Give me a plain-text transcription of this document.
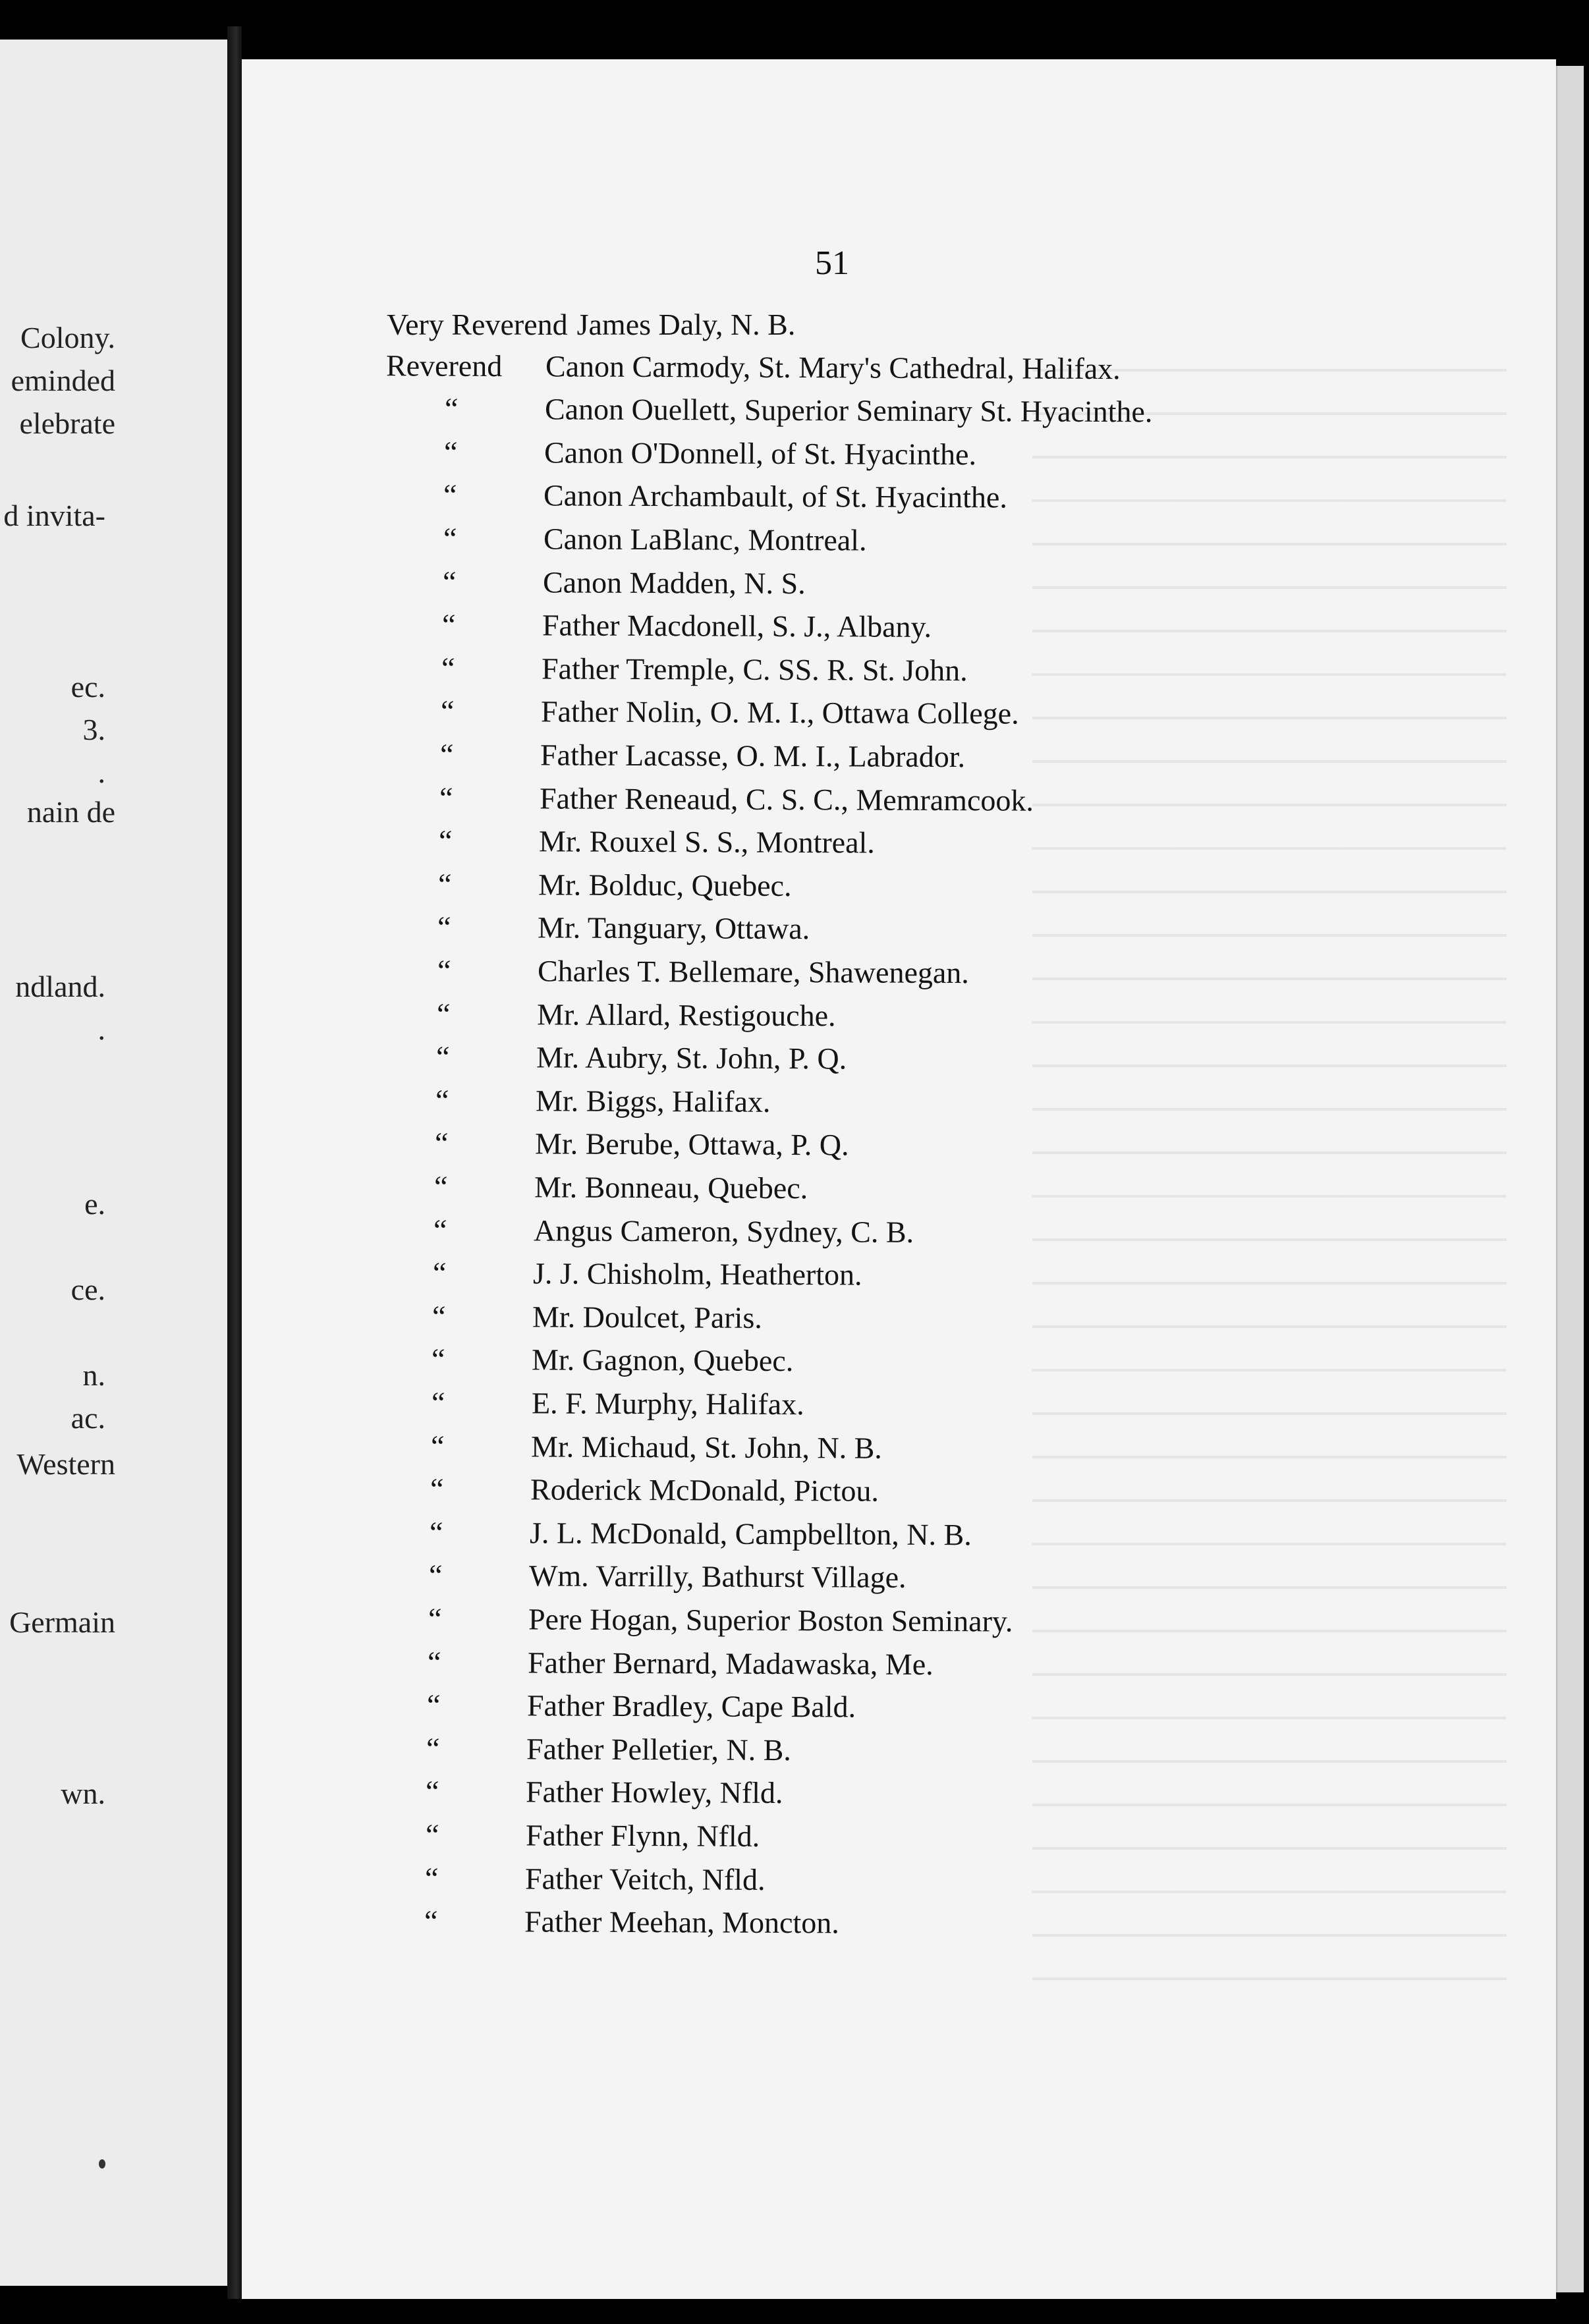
Colony.
eminded
elebrate
d invita-
ec.
3.
.
nain de
ndland.
.
e.
ce.
n.
ac.
Western
Germain
wn.
51
Very Reverend James Daly, N. B.
Reverend Canon Carmody, St. Mary's Cathedral, Halifax.
“	Canon Ouellett, Superior Seminary St. Hyacinthe.
“	Canon O'Donnell, of St. Hyacinthe.
“	Canon Archambault, of St. Hyacinthe.
“	Canon LaBlanc, Montreal.
“	Canon Madden, N. S.
“	Father Macdonell, S. J., Albany.
“	Father Tremple, C. SS. R. St. John.
“	Father Nolin, O. M. I., Ottawa College.
“	Father Lacasse, O. M. I., Labrador.
“	Father Reneaud, C. S. C., Memramcook.
“	Mr. Rouxel S. S., Montreal.
“	Mr. Bolduc, Quebec.
“	Mr. Tanguary, Ottawa.
“	Charles T. Bellemare, Shawenegan.
“	Mr. Allard, Restigouche.
“	Mr. Aubry, St. John, P. Q.
“	Mr. Biggs, Halifax.
“	Mr. Berube, Ottawa, P. Q.
“	Mr. Bonneau, Quebec.
“	Angus Cameron, Sydney, C. B.
“	J. J. Chisholm, Heatherton.
“	Mr. Doulcet, Paris.
“	Mr. Gagnon, Quebec.
“	E. F. Murphy, Halifax.
“	Mr. Michaud, St. John, N. B.
“	Roderick McDonald, Pictou.
“	J. L. McDonald, Campbellton, N. B.
“	Wm. Varrilly, Bathurst Village.
“	Pere Hogan, Superior Boston Seminary.
“	Father Bernard, Madawaska, Me.
“	Father Bradley, Cape Bald.
“	Father Pelletier, N. B.
“	Father Howley, Nfld.
“	Father Flynn, Nfld.
“	Father Veitch, Nfld.
“	Father Meehan, Moncton.
